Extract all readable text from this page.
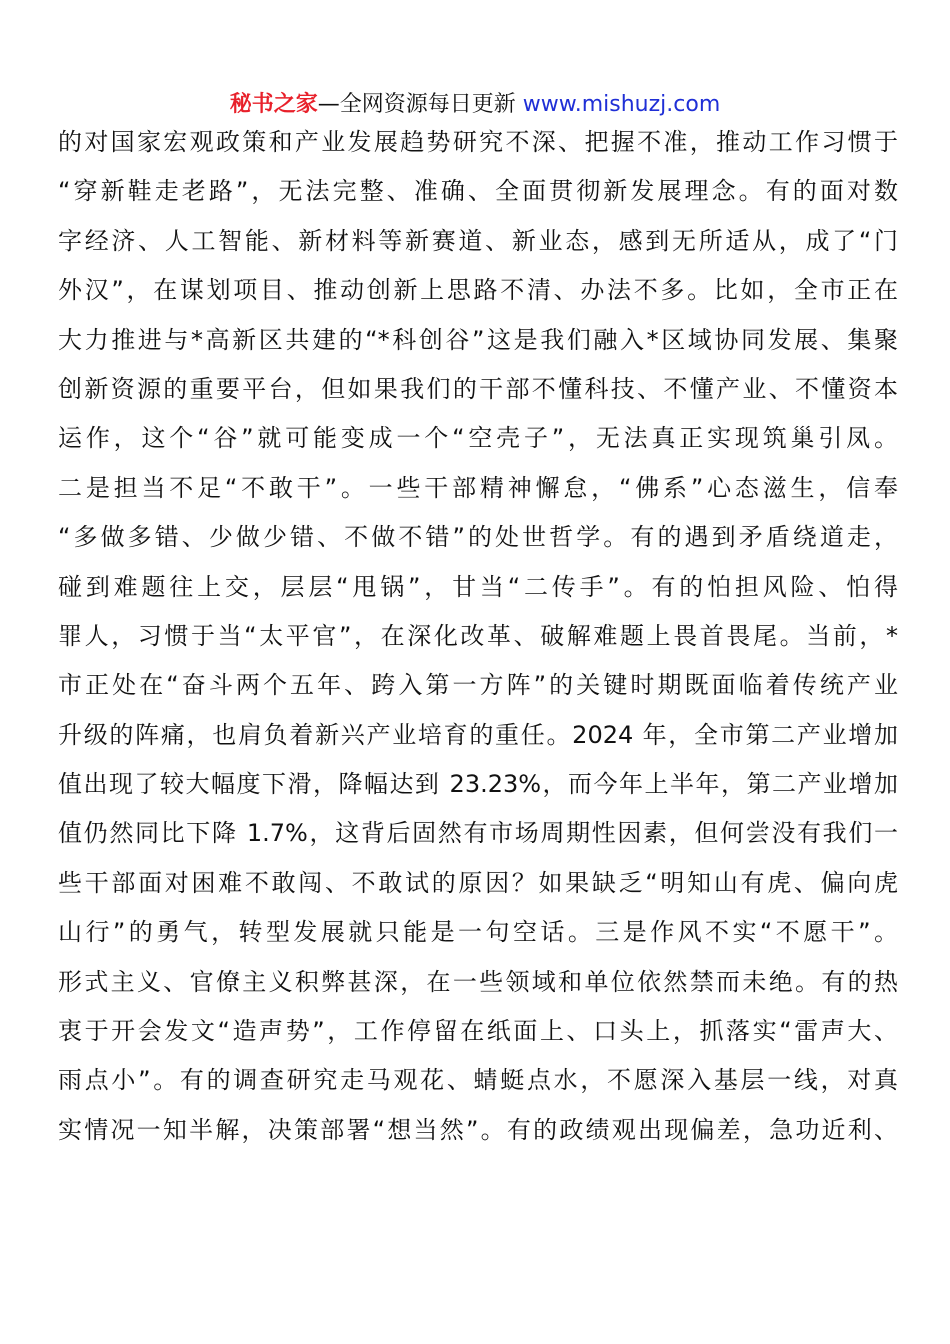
秘书之家—全网资源每日更新 www.mishuzj.com
的对国家宏观政策和产业发展趋势研究不深、把握不准，推动工作习惯于
“穿新鞋走老路”，无法完整、准确、全面贯彻新发展理念。有的面对数
字经济、人工智能、新材料等新赛道、新业态，感到无所适从，成了“门
外汉”，在谋划项目、推动创新上思路不清、办法不多。比如，全市正在
大力推进与*高新区共建的“*科创谷”这是我们融入*区域协同发展、集聚
创新资源的重要平台，但如果我们的干部不懂科技、不懂产业、不懂资本
运作，这个“谷”就可能变成一个“空壳子”，无法真正实现筑巢引凤。
二是担当不足“不敢干”。一些干部精神懈怠，“佛系”心态滋生，信奉
“多做多错、少做少错、不做不错”的处世哲学。有的遇到矛盾绕道走，
碰到难题往上交，层层“甩锅”，甘当“二传手”。有的怕担风险、怕得
罪人，习惯于当“太平官”，在深化改革、破解难题上畏首畏尾。当前，*
市正处在“奋斗两个五年、跨入第一方阵”的关键时期既面临着传统产业
升级的阵痛，也肩负着新兴产业培育的重任。2024 年，全市第二产业增加
值出现了较大幅度下滑，降幅达到 23.23%，而今年上半年，第二产业增加
值仍然同比下降 1.7%，这背后固然有市场周期性因素，但何尝没有我们一
些干部面对困难不敢闯、不敢试的原因？如果缺乏“明知山有虎、偏向虎
山行”的勇气，转型发展就只能是一句空话。三是作风不实“不愿干”。
形式主义、官僚主义积弊甚深，在一些领域和单位依然禁而未绝。有的热
衷于开会发文“造声势”，工作停留在纸面上、口头上，抓落实“雷声大、
雨点小”。有的调查研究走马观花、蜻蜓点水，不愿深入基层一线，对真
实情况一知半解，决策部署“想当然”。有的政绩观出现偏差，急功近利、
